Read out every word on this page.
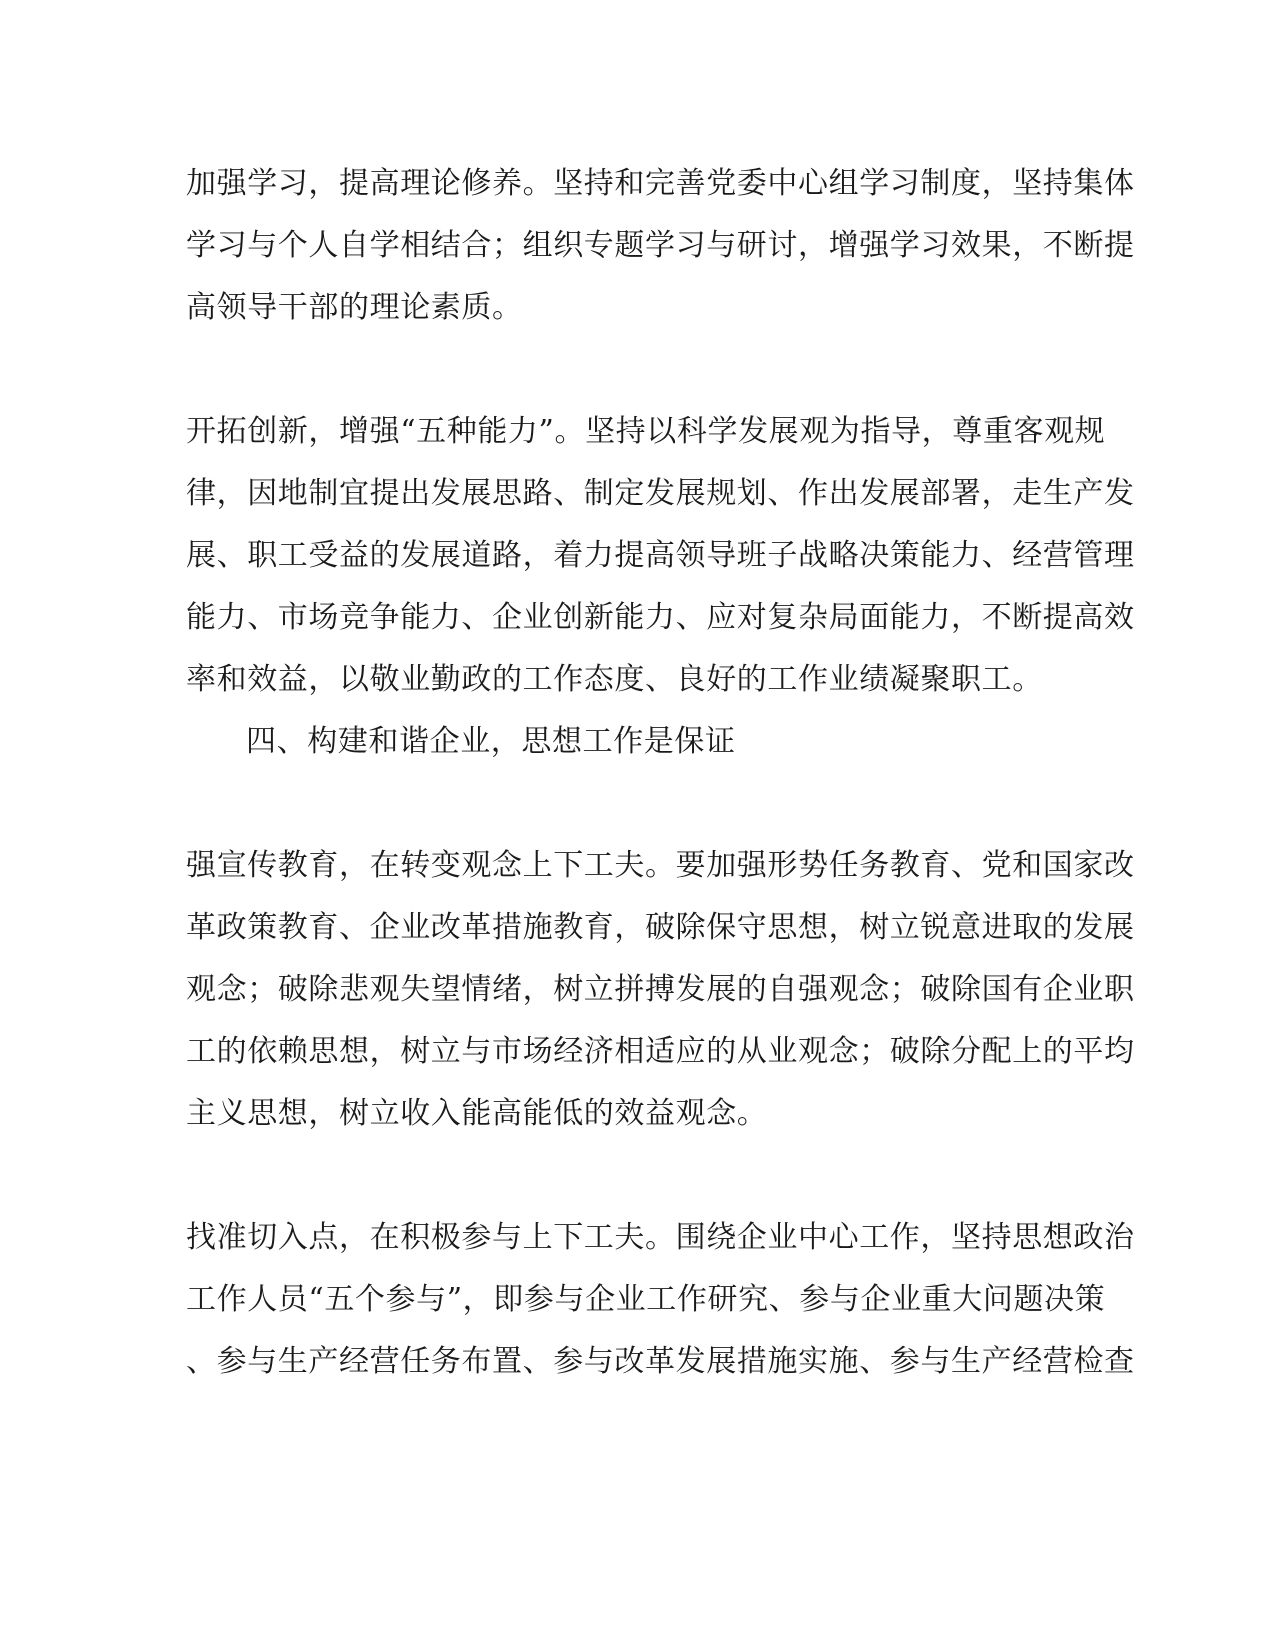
加强学习，提高理论修养。坚持和完善党委中心组学习制度，坚持集体
学习与个人自学相结合；组织专题学习与研讨，增强学习效果，不断提
高领导干部的理论素质。
开拓创新，增强“五种能力”。坚持以科学发展观为指导，尊重客观规
律，因地制宜提出发展思路、制定发展规划、作出发展部署，走生产发
展、职工受益的发展道路，着力提高领导班子战略决策能力、经营管理
能力、市场竞争能力、企业创新能力、应对复杂局面能力，不断提高效
率和效益，以敬业勤政的工作态度、良好的工作业绩凝聚职工。
四、构建和谐企业，思想工作是保证
强宣传教育，在转变观念上下工夫。要加强形势任务教育、党和国家改
革政策教育、企业改革措施教育，破除保守思想，树立锐意进取的发展
观念；破除悲观失望情绪，树立拼搏发展的自强观念；破除国有企业职
工的依赖思想，树立与市场经济相适应的从业观念；破除分配上的平均
主义思想，树立收入能高能低的效益观念。
找准切入点，在积极参与上下工夫。围绕企业中心工作，坚持思想政治
工作人员“五个参与”，即参与企业工作研究、参与企业重大问题决策
、参与生产经营任务布置、参与改革发展措施实施、参与生产经营检查
